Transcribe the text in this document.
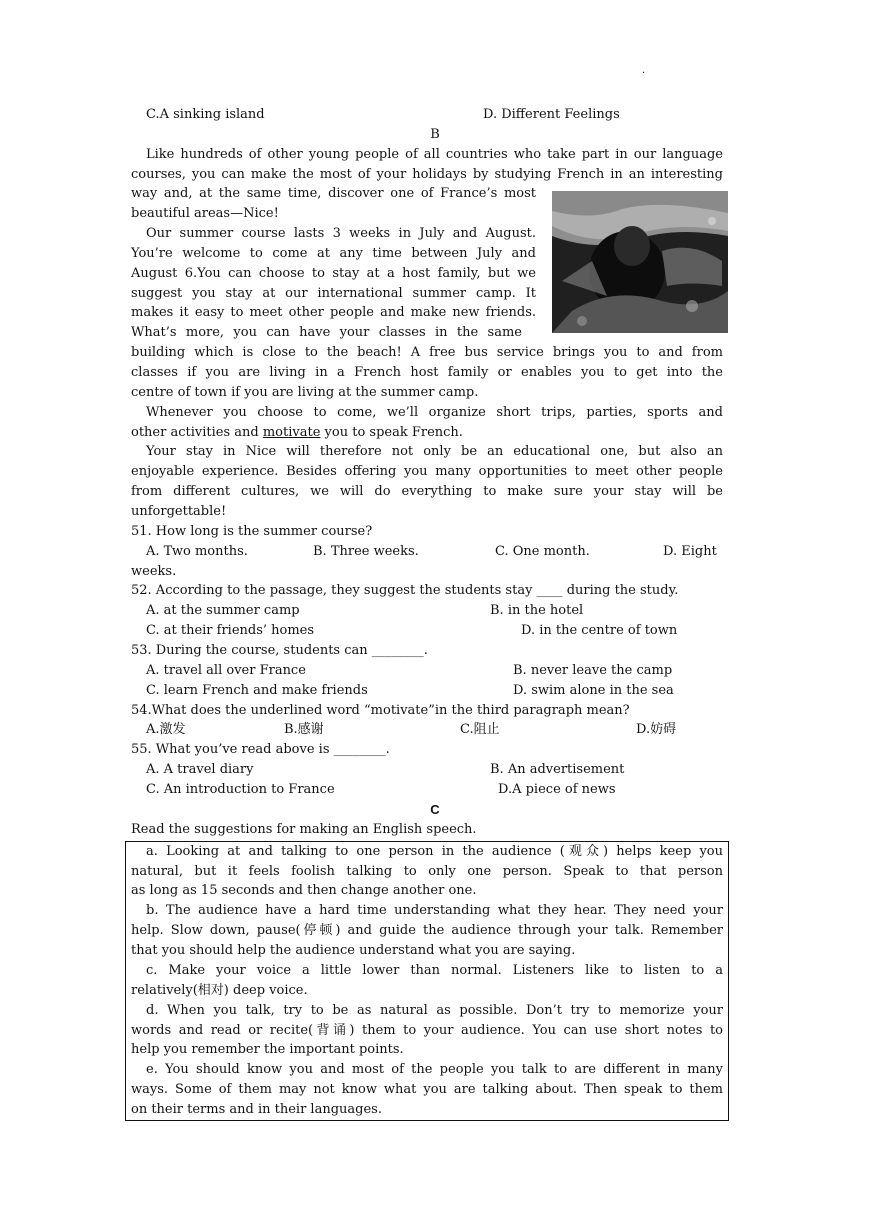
·
C.A sinking island	D. Different Feelings
B
Like hundreds of other young people of all countries who take part in our language
courses, you can make the most of your holidays by studying French in an interesting
way and, at the same time, discover one of France’s most
beautiful areas—Nice!
Our summer course lasts 3 weeks in July and August.
You’re welcome to come at any time between July and
August 6.You can choose to stay at a host family, but we
suggest you stay at our international summer camp. It
makes it easy to meet other people and make new friends.
What’s more, you can have your classes in the same
building which is close to the beach! A free bus service brings you to and from
classes if you are living in a French host family or enables you to get into the
centre of town if you are living at the summer camp.
Whenever you choose to come, we’ll organize short trips, parties, sports and
other activities and motivate you to speak French.
Your stay in Nice will therefore not only be an educational one, but also an
enjoyable experience. Besides offering you many opportunities to meet other people
from different cultures, we will do everything to make sure your stay will be
unforgettable!
51. How long is the summer course?
A. Two months.	B. Three weeks.	C. One month.	D. Eight
weeks.
52. According to the passage, they suggest the students stay ____ during the study.
A. at the summer camp	B. in the hotel
C. at their friends’ homes	D. in the centre of town
53. During the course, students can ________.
A. travel all over France	B. never leave the camp
C. learn French and make friends	D. swim alone in the sea
54.What does the underlined word “motivate”in the third paragraph mean?
A.激发	B.感谢	C.阻止	D.妨碍
55. What you’ve read above is ________.
A. A travel diary	B. An advertisement
C. An introduction to France	D.A piece of news
C
Read the suggestions for making an English speech.
a. Looking at and talking to one person in the audience (观众) helps keep you
natural, but it feels foolish talking to only one person. Speak to that person
as long as 15 seconds and then change another one.
b. The audience have a hard time understanding what they hear. They need your
help. Slow down, pause(停顿) and guide the audience through your talk. Remember
that you should help the audience understand what you are saying.
c. Make your voice a little lower than normal. Listeners like to listen to a
relatively(相对) deep voice.
d. When you talk, try to be as natural as possible. Don’t try to memorize your
words and read or recite(背诵) them to your audience. You can use short notes to
help you remember the important points.
e. You should know you and most of the people you talk to are different in many
ways. Some of them may not know what you are talking about. Then speak to them
on their terms and in their languages.
